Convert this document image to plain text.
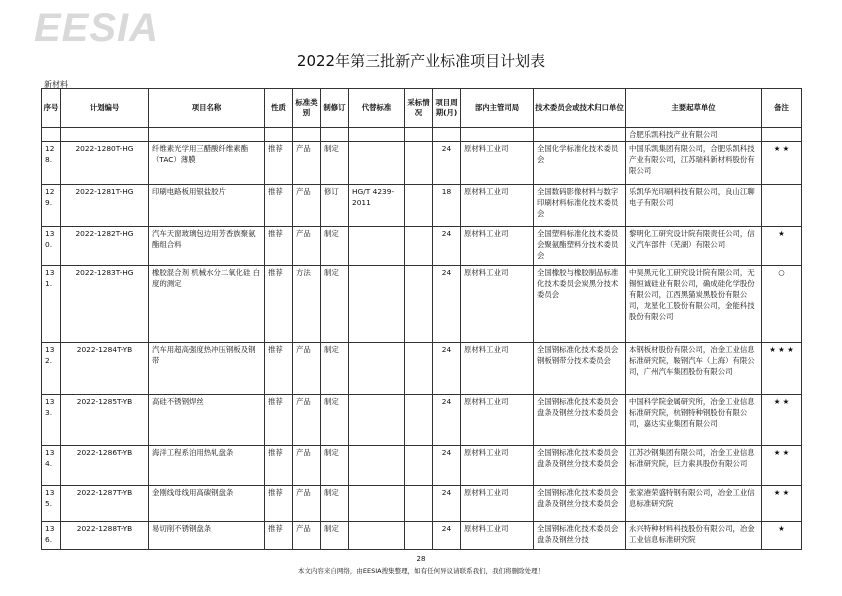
EESIA
2022年第三批新产业标准项目计划表
新材料
序号	计划编号	项目名称	性质	标准类别	制修订	代替标准	采标情况	项目周期(月)	部内主管司局	技术委员会或技术归口单位	主要起草单位	备注
											合肥乐凯科技产业有限公司	
128.	2022-1280T-HG	纤维素光学用三醋酸纤维素酯（TAC）薄膜	推荐	产品	制定			24	原材料工业司	全国化学标准化技术委员会	中国乐凯集团有限公司，合肥乐凯科技产业有限公司，江苏瑞科新材料股份有限公司	★ ★
129.	2022-1281T-HG	印刷电路板用银盐胶片	推荐	产品	修订	HG/T 4239-2011		18	原材料工业司	全国数码影像材料与数字印刷材料标准化技术委员会	乐凯华光印刷科技有限公司，良山江聊电子有限公司	
130.	2022-1282T-HG	汽车天窗玻璃包边用芳香族聚氨酯组合料	推荐	产品	制定			24	原材料工业司	全国塑料标准化技术委员会聚氨酯塑料分技术委员会	黎明化工研究设计院有限责任公司，信义汽车部件（芜湖）有限公司	★
131.	2022-1283T-HG	橡胶混合剂 机械水分二氧化硅 白度的测定	推荐	方法	制定			24	原材料工业司	全国橡胶与橡胶制品标准化技术委员会炭黑分技术委员会	中昊黑元化工研究设计院有限公司，无锡恒诚硅业有限公司，确成硅化学股份有限公司，江西黑猫炭黑股份有限公司，龙星化工股份有限公司，金能科技股份有限公司	○
132.	2022-1284T-YB	汽车用超高强度热冲压钢板及钢带	推荐	产品	制定			24	原材料工业司	全国钢标准化技术委员会钢板钢带分技术委员会	本钢板材股份有限公司，冶金工业信息标准研究院，鞍钢汽车（上海）有限公司，广州汽车集团股份有限公司	★ ★ ★
133.	2022-1285T-YB	高硅不锈钢焊丝	推荐	产品	制定			24	原材料工业司	全国钢标准化技术委员会盘条及钢丝分技术委员会	中国科学院金属研究所，冶金工业信息标准研究院，杭钢特种钢股份有限公司，嘉达实业集团有限公司	★ ★
134.	2022-1286T-YB	海洋工程系泊用热轧盘条	推荐	产品	制定			24	原材料工业司	全国钢标准化技术委员会盘条及钢丝分技术委员会	江苏沙钢集团有限公司，冶金工业信息标准研究院，巨力索具股份有限公司	★ ★
135.	2022-1287T-YB	金刚线母线用高碳钢盘条	推荐	产品	制定			24	原材料工业司	全国钢标准化技术委员会盘条及钢丝分技术委员会	张家港荣盛特钢有限公司，冶金工业信息标准研究院	★ ★
136.	2022-1288T-YB	易切削不锈钢盘条	推荐	产品	制定			24	原材料工业司	全国钢标准化技术委员会盘条及钢丝分技	永兴特种材料科技股份有限公司，冶金工业信息标准研究院	★
28
本文内容来自网络，由EESIA搜集整理，如有任何异议请联系我们，我们将删除处理！
